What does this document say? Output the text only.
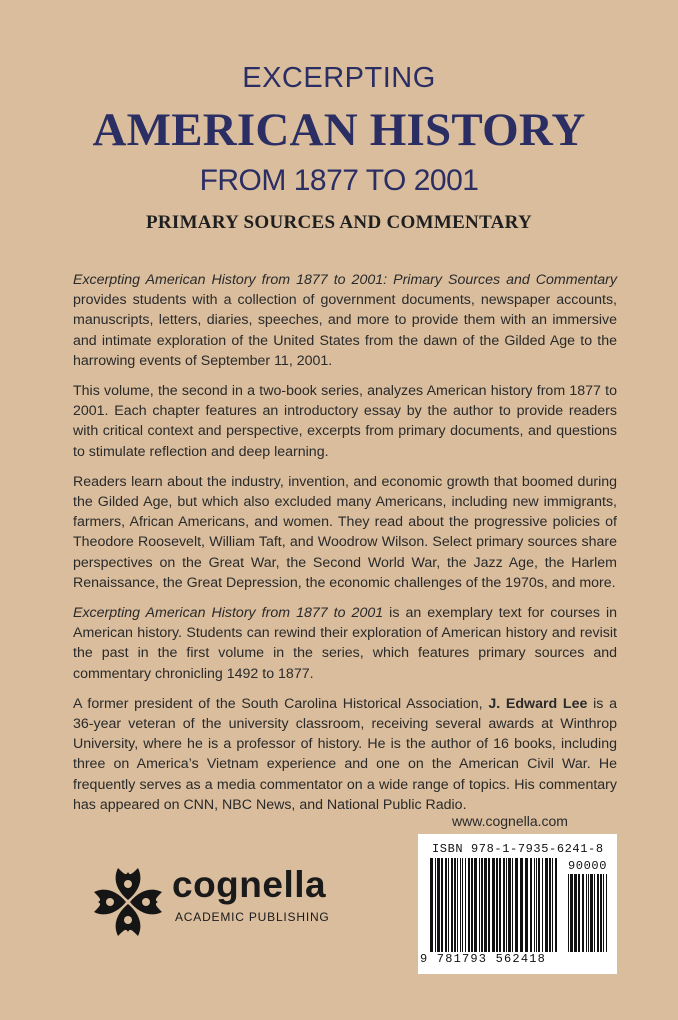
EXCERPTING
AMERICAN HISTORY
FROM 1877 TO 2001
PRIMARY SOURCES AND COMMENTARY

Excerpting American History from 1877 to 2001: Primary Sources and Commentary provides students with a collection of government documents, newspaper accounts, manuscripts, letters, diaries, speeches, and more to provide them with an immersive and intimate exploration of the United States from the dawn of the Gilded Age to the harrowing events of September 11, 2001.

This volume, the second in a two-book series, analyzes American history from 1877 to 2001. Each chapter features an introductory essay by the author to provide readers with critical context and perspective, excerpts from primary documents, and questions to stimulate reflection and deep learning.

Readers learn about the industry, invention, and economic growth that boomed during the Gilded Age, but which also excluded many Americans, including new immigrants, farmers, African Americans, and women. They read about the progressive policies of Theodore Roosevelt, William Taft, and Woodrow Wilson. Select primary sources share perspectives on the Great War, the Second World War, the Jazz Age, the Harlem Renaissance, the Great Depression, the economic challenges of the 1970s, and more.

Excerpting American History from 1877 to 2001 is an exemplary text for courses in American history. Students can rewind their exploration of American history and revisit the past in the first volume in the series, which features primary sources and commentary chronicling 1492 to 1877.

A former president of the South Carolina Historical Association, J. Edward Lee is a 36-year veteran of the university classroom, receiving several awards at Winthrop University, where he is a professor of history. He is the author of 16 books, including three on America’s Vietnam experience and one on the American Civil War. He frequently serves as a media commentator on a wide range of topics. His commentary has appeared on CNN, NBC News, and National Public Radio.

www.cognella.com
ISBN 978-1-7935-6241-8
90000
9 781793 562418
cognella
ACADEMIC PUBLISHING
